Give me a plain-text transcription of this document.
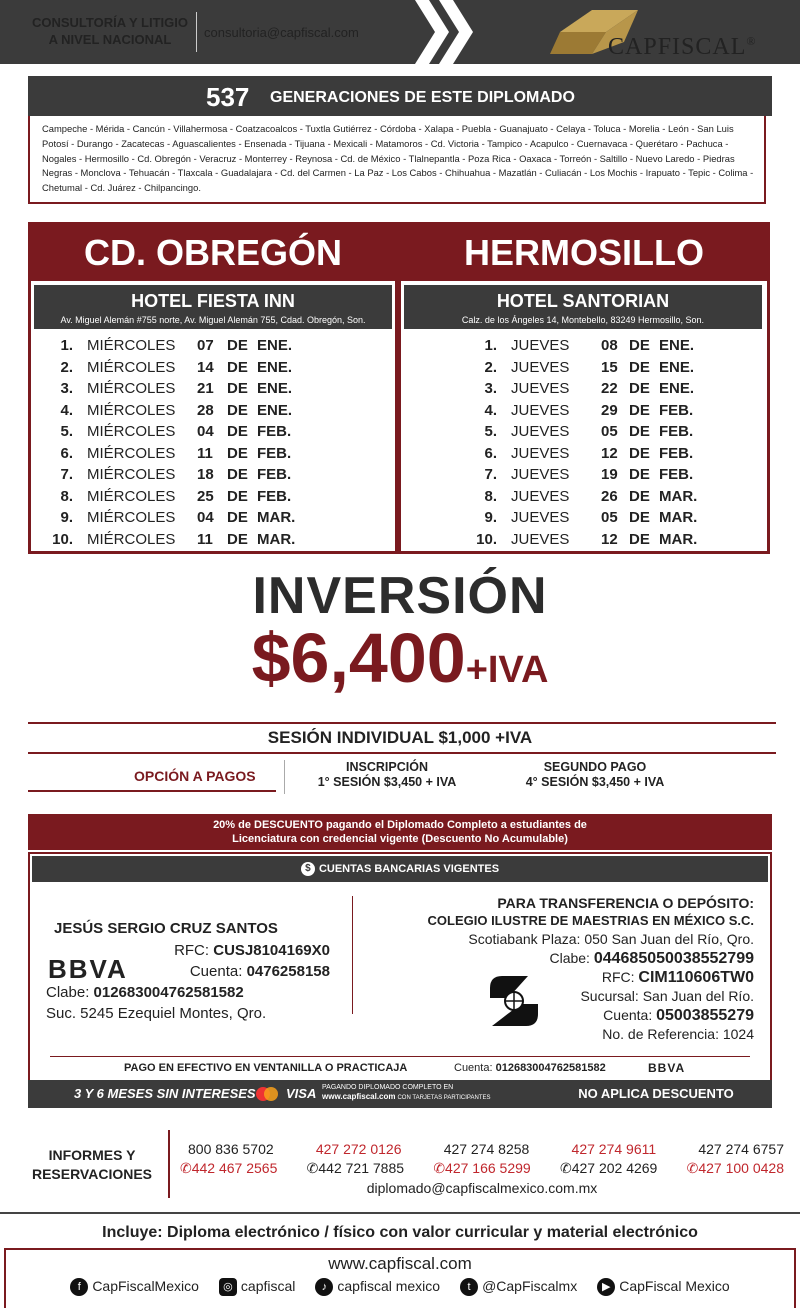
CONSULTORÍA Y LITIGIO
A NIVEL NACIONAL	consultoria@capfiscal.com
CAPFISCAL®
537 GENERACIONES DE ESTE DIPLOMADO
Campeche - Mérida - Cancún - Villahermosa - Coatzacoalcos - Tuxtla Gutiérrez - Córdoba - Xalapa - Puebla - Guanajuato - Celaya - Toluca - Morelia - León - San Luis Potosí - Durango - Zacatecas - Aguascalientes - Ensenada - Tijuana - Mexicali - Matamoros - Cd. Victoria - Tampico - Acapulco - Cuernavaca - Querétaro - Pachuca - Nogales - Hermosillo - Cd. Obregón - Veracruz - Monterrey - Reynosa - Cd. de México - Tlalnepantla - Poza Rica - Oaxaca - Torreón - Saltillo - Nuevo Laredo - Piedras Negras - Monclova - Tehuacán - Tlaxcala - Guadalajara - Cd. del Carmen - La Paz - Los Cabos - Chihuahua - Mazatlán - Culiacán - Los Mochis - Irapuato - Tepic - Colima - Chetumal - Cd. Juárez - Chilpancingo.
CD. OBREGÓN
HOTEL FIESTA INN
Av. Miguel Alemán #755 norte, Av. Miguel Alemán 755, Cdad. Obregón, Son.
1. MIÉRCOLES 07 DE ENE.
2. MIÉRCOLES 14 DE ENE.
3. MIÉRCOLES 21 DE ENE.
4. MIÉRCOLES 28 DE ENE.
5. MIÉRCOLES 04 DE FEB.
6. MIÉRCOLES 11 DE FEB.
7. MIÉRCOLES 18 DE FEB.
8. MIÉRCOLES 25 DE FEB.
9. MIÉRCOLES 04 DE MAR.
10. MIÉRCOLES 11 DE MAR.
HERMOSILLO
HOTEL SANTORIAN
Calz. de los Ángeles 14, Montebello, 83249 Hermosillo, Son.
1. JUEVES 08 DE ENE.
2. JUEVES 15 DE ENE.
3. JUEVES 22 DE ENE.
4. JUEVES 29 DE FEB.
5. JUEVES 05 DE FEB.
6. JUEVES 12 DE FEB.
7. JUEVES 19 DE FEB.
8. JUEVES 26 DE MAR.
9. JUEVES 05 DE MAR.
10. JUEVES 12 DE MAR.
INVERSIÓN
$6,400+IVA
SESIÓN INDIVIDUAL $1,000 +IVA
OPCIÓN A PAGOS
INSCRIPCIÓN
1° SESIÓN $3,450 + IVA
SEGUNDO PAGO
4° SESIÓN $3,450 + IVA
20% de DESCUENTO pagando el Diplomado Completo a estudiantes de
Licenciatura con credencial vigente (Descuento No Acumulable)
$ CUENTAS BANCARIAS VIGENTES
JESÚS SERGIO CRUZ SANTOS
BBVA
RFC: CUSJ8104169X0
Cuenta: 0476258158
Clabe: 012683004762581582
Suc. 5245 Ezequiel Montes, Qro.
PARA TRANSFERENCIA O DEPÓSITO:
COLEGIO ILUSTRE DE MAESTRIAS EN MÉXICO S.C.
Scotiabank Plaza: 050 San Juan del Río, Qro.
Clabe: 044685050038552799
RFC: CIM110606TW0
Sucursal: San Juan del Río.
Cuenta: 05003855279
No. de Referencia: 1024
PAGO EN EFECTIVO EN VENTANILLA O PRACTICAJA	Cuenta: 012683004762581582	BBVA
3 Y 6 MESES SIN INTERESES VISA PAGANDO DIPLOMADO COMPLETO EN
www.capfiscal.com CON TARJETAS PARTICIPANTES	NO APLICA DESCUENTO
INFORMES Y
RESERVACIONES
800 836 5702	427 272 0126	427 274 8258	427 274 9611	427 274 6757
✆442 467 2565 ✆442 721 7885 ✆427 166 5299 ✆427 202 4269 ✆427 100 0428
diplomado@capfiscalmexico.com.mx
Incluye: Diploma electrónico / físico con valor curricular y material electrónico
www.capfiscal.com
f CapFiscalMexico	◎ capfiscal	♪ capfiscal mexico	t @CapFiscalmx	▶ CapFiscal Mexico
